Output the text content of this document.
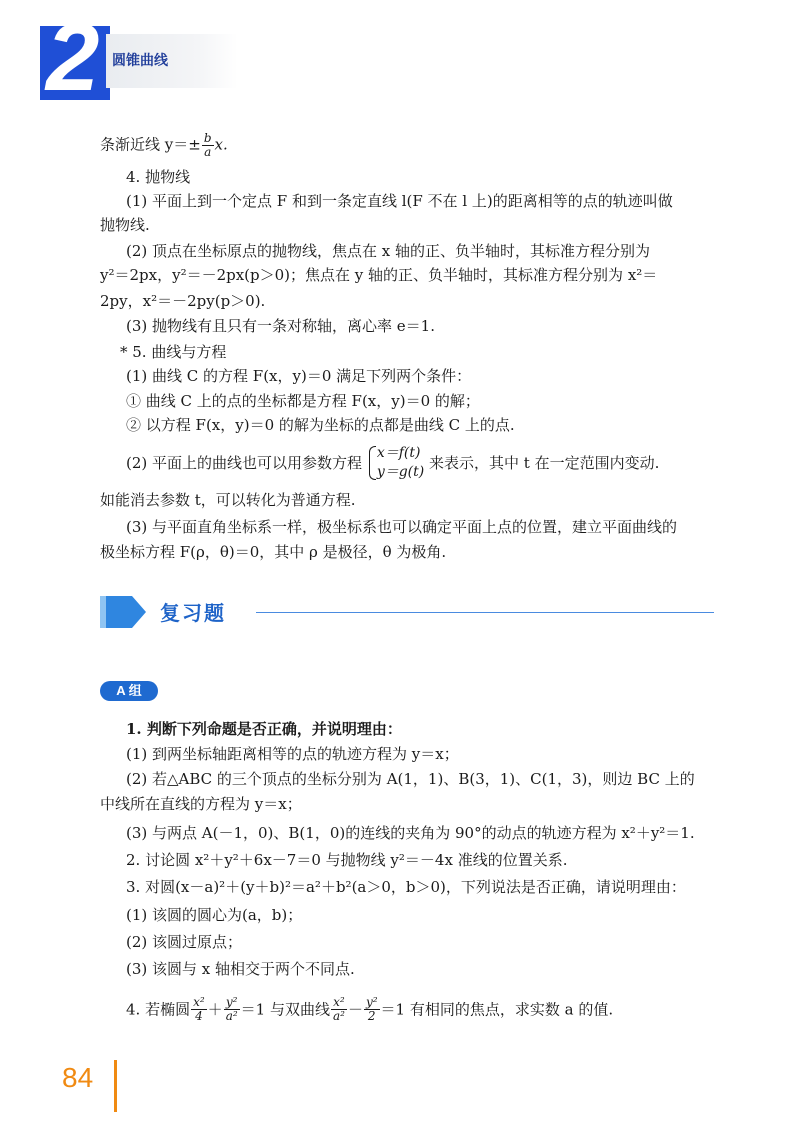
2 圆锥曲线
条渐近线 $y=\pm \frac{b}{a} x$.
4. 抛物线
(1) 平面上到一个定点 F 和到一条定直线 l(F 不在 l 上)的距离相等的点的轨迹叫做
抛物线.
(2) 顶点在坐标原点的抛物线，焦点在 x 轴的正、负半轴时，其标准方程分别为
y²＝2px，y²＝－2px(p＞0)；焦点在 y 轴的正、负半轴时，其标准方程分别为 x²＝
2py，x²＝－2py(p＞0).
(3) 抛物线有且只有一条对称轴，离心率 e＝1.
* 5. 曲线与方程
(1) 曲线 C 的方程 F(x，y)＝0 满足下列两个条件：
① 曲线 C 上的点的坐标都是方程 F(x，y)＝0 的解；
② 以方程 F(x，y)＝0 的解为坐标的点都是曲线 C 上的点.
(2) 平面上的曲线也可以用参数方程
x＝f(t)
y＝g(t) 来表示，其中 t 在一定范围内变动.
如能消去参数 t，可以转化为普通方程.
(3) 与平面直角坐标系一样，极坐标系也可以确定平面上点的位置，建立平面曲线的
极坐标方程 F(ρ，θ)＝0，其中 ρ 是极径，θ 为极角.
复习题
A 组
1. 判断下列命题是否正确，并说明理由：
(1) 到两坐标轴距离相等的点的轨迹方程为 y＝x；
(2) 若△ABC 的三个顶点的坐标分别为 A(1，1)、B(3，1)、C(1，3)，则边 BC 上的
中线所在直线的方程为 y＝x；
(3) 与两点 A(－1，0)、B(1，0)的连线的夹角为 90°的动点的轨迹方程为 x²＋y²＝1.
2. 讨论圆 x²＋y²＋6x－7＝0 与抛物线 y²＝－4x 准线的位置关系.
3. 对圆(x－a)²＋(y＋b)²＝a²＋b²(a＞0，b＞0)，下列说法是否正确，请说明理由：
(1) 该圆的圆心为(a，b)；
(2) 该圆过原点；
(3) 该圆与 x 轴相交于两个不同点.
4. 若椭圆 $\frac{\text{x²}}{4} + \frac{\text{y²}}{\text{a²}} =1$ 与双曲线 $\frac{\text{x²}}{\text{a²}} - \frac{\text{y²}}{2} =1$ 有相同的焦点，求实数 a 的值.
84
